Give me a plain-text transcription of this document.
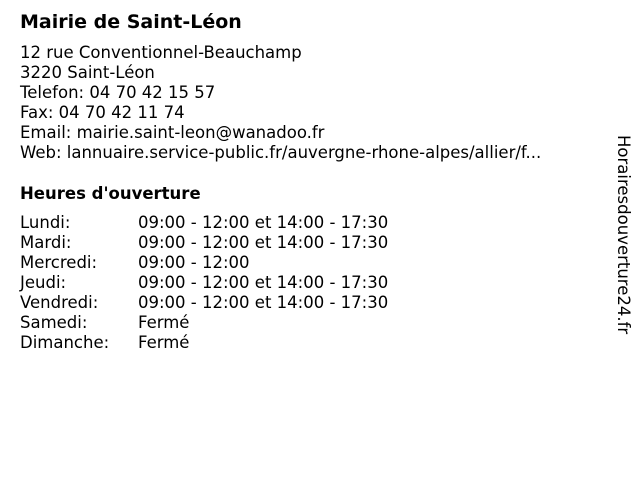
Mairie de Saint-Léon
12 rue Conventionnel-Beauchamp
3220 Saint-Léon
Telefon: 04 70 42 15 57
Fax: 04 70 42 11 74
Email: mairie.saint-leon@wanadoo.fr
Web: lannuaire.service-public.fr/auvergne-rhone-alpes/allier/f...
Heures d'ouverture
Lundi:	09:00 - 12:00 et 14:00 - 17:30
Mardi:	09:00 - 12:00 et 14:00 - 17:30
Mercredi: 09:00 - 12:00
Jeudi:	09:00 - 12:00 et 14:00 - 17:30
Vendredi: 09:00 - 12:00 et 14:00 - 17:30
Samedi:	Fermé
Dimanche: Fermé
Horairesdouverture24.fr
